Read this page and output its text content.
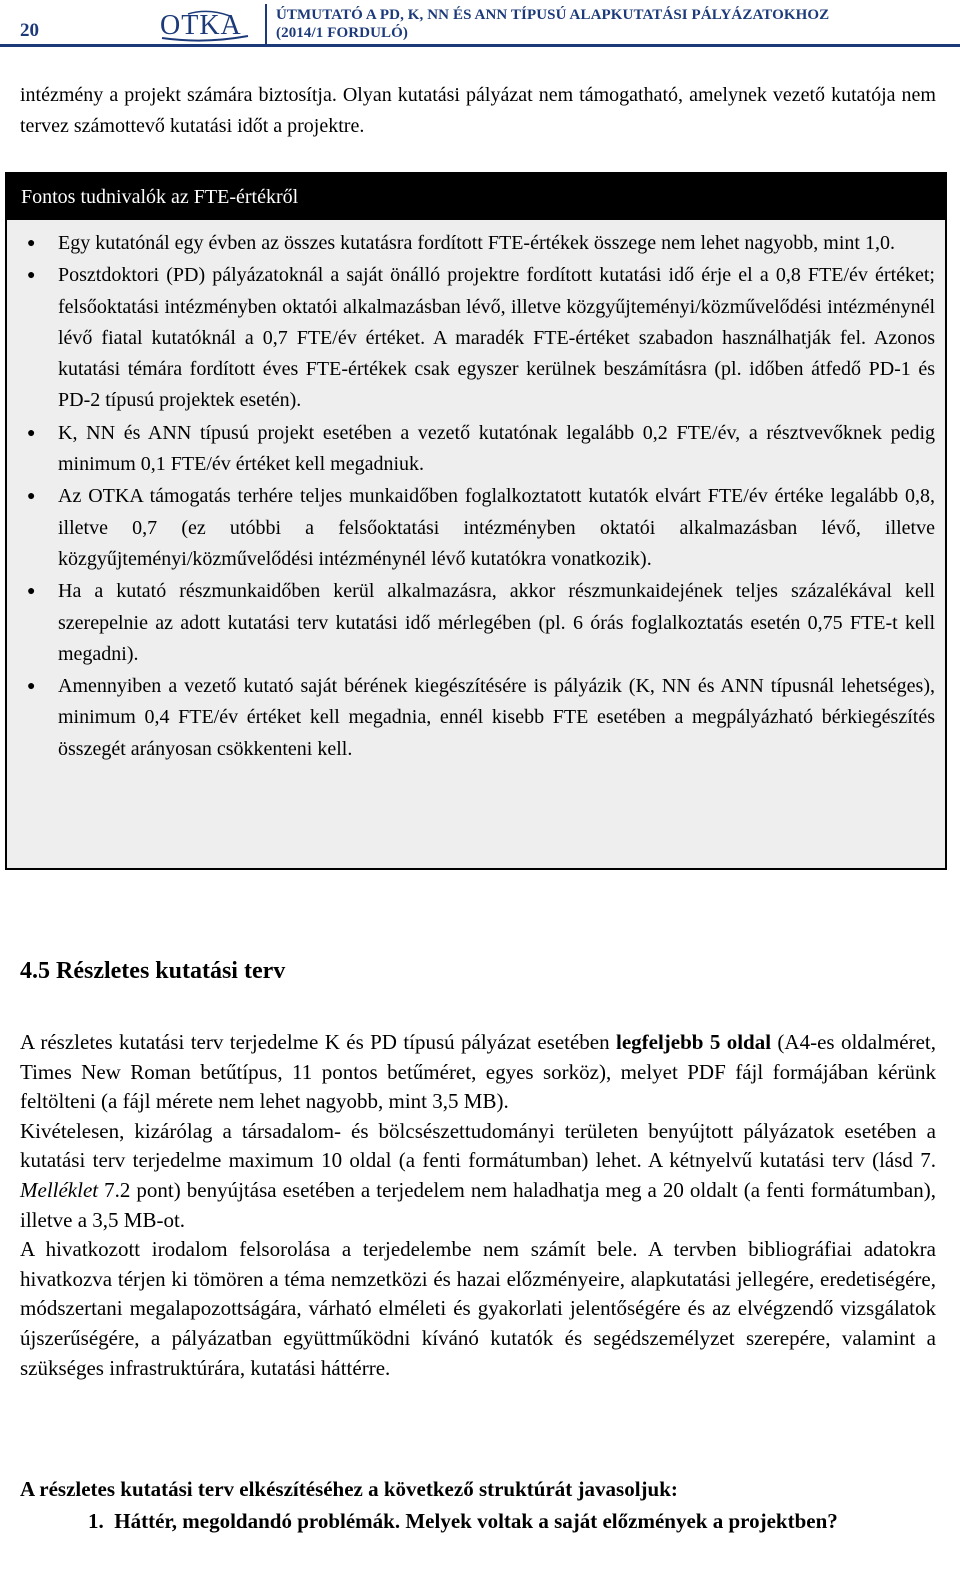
20	OTKA ÚTMUTATÓ A PD, K, NN ÉS ANN TÍPUSÚ ALAPKUTATÁSI PÁLYÁZATOKHOZ
(2014/1 FORDULÓ)
intézmény a projekt számára biztosítja. Olyan kutatási pályázat nem támogatható, amelynek vezető kutatója nem tervez számottevő kutatási időt a projektre.
Fontos tudnivalók az FTE-értékről
● Egy kutatónál egy évben az összes kutatásra fordított FTE-értékek összege nem lehet nagyobb, mint 1,0.
● Posztdoktori (PD) pályázatoknál a saját önálló projektre fordított kutatási idő érje el a 0,8 FTE/év értéket; felsőoktatási intézményben oktatói alkalmazásban lévő, illetve közgyűjteményi/közművelődési intézménynél lévő fiatal kutatóknál a 0,7 FTE/év értéket. A maradék FTE-értéket szabadon használhatják fel. Azonos kutatási témára fordított éves FTE-értékek csak egyszer kerülnek beszámításra (pl. időben átfedő PD-1 és PD-2 típusú projektek esetén).
● K, NN és ANN típusú projekt esetében a vezető kutatónak legalább 0,2 FTE/év, a résztvevőknek pedig minimum 0,1 FTE/év értéket kell megadniuk.
● Az OTKA támogatás terhére teljes munkaidőben foglalkoztatott kutatók elvárt FTE/év értéke legalább 0,8, illetve 0,7 (ez utóbbi a felsőoktatási intézményben oktatói alkalmazásban lévő, illetve közgyűjteményi/közművelődési intézménynél lévő kutatókra vonatkozik).
● Ha a kutató részmunkaidőben kerül alkalmazásra, akkor részmunkaidejének teljes százalékával kell szerepelnie az adott kutatási terv kutatási idő mérlegében (pl. 6 órás foglalkoztatás esetén 0,75 FTE-t kell megadni).
● Amennyiben a vezető kutató saját bérének kiegészítésére is pályázik (K, NN és ANN típusnál lehetséges), minimum 0,4 FTE/év értéket kell megadnia, ennél kisebb FTE esetében a megpályázható bérkiegészítés összegét arányosan csökkenteni kell.
4.5 Részletes kutatási terv

A részletes kutatási terv terjedelme K és PD típusú pályázat esetében legfeljebb 5 oldal (A4-es oldalméret, Times New Roman betűtípus, 11 pontos betűméret, egyes sorköz), melyet PDF fájl formájában kérünk feltölteni (a fájl mérete nem lehet nagyobb, mint 3,5 MB).

Kivételesen, kizárólag a társadalom- és bölcsészettudományi területen benyújtott pályázatok esetében a kutatási terv terjedelme maximum 10 oldal (a fenti formátumban) lehet. A kétnyelvű kutatási terv (lásd 7. Melléklet 7.2 pont) benyújtása esetében a terjedelem nem haladhatja meg a 20 oldalt (a fenti formátumban), illetve a 3,5 MB-ot.

A hivatkozott irodalom felsorolása a terjedelembe nem számít bele. A tervben bibliográfiai adatokra hivatkozva térjen ki tömören a téma nemzetközi és hazai előzményeire, alapkutatási jellegére, eredetiségére, módszertani megalapozottságára, várható elméleti és gyakorlati jelentőségére és az elvégzendő vizsgálatok újszerűségére, a pályázatban együttműködni kívánó kutatók és segédszemélyzet szerepére, valamint a szükséges infrastruktúrára, kutatási háttérre.

A részletes kutatási terv elkészítéséhez a következő struktúrát javasoljuk:
1. Háttér, megoldandó problémák. Melyek voltak a saját előzmények a projektben?
